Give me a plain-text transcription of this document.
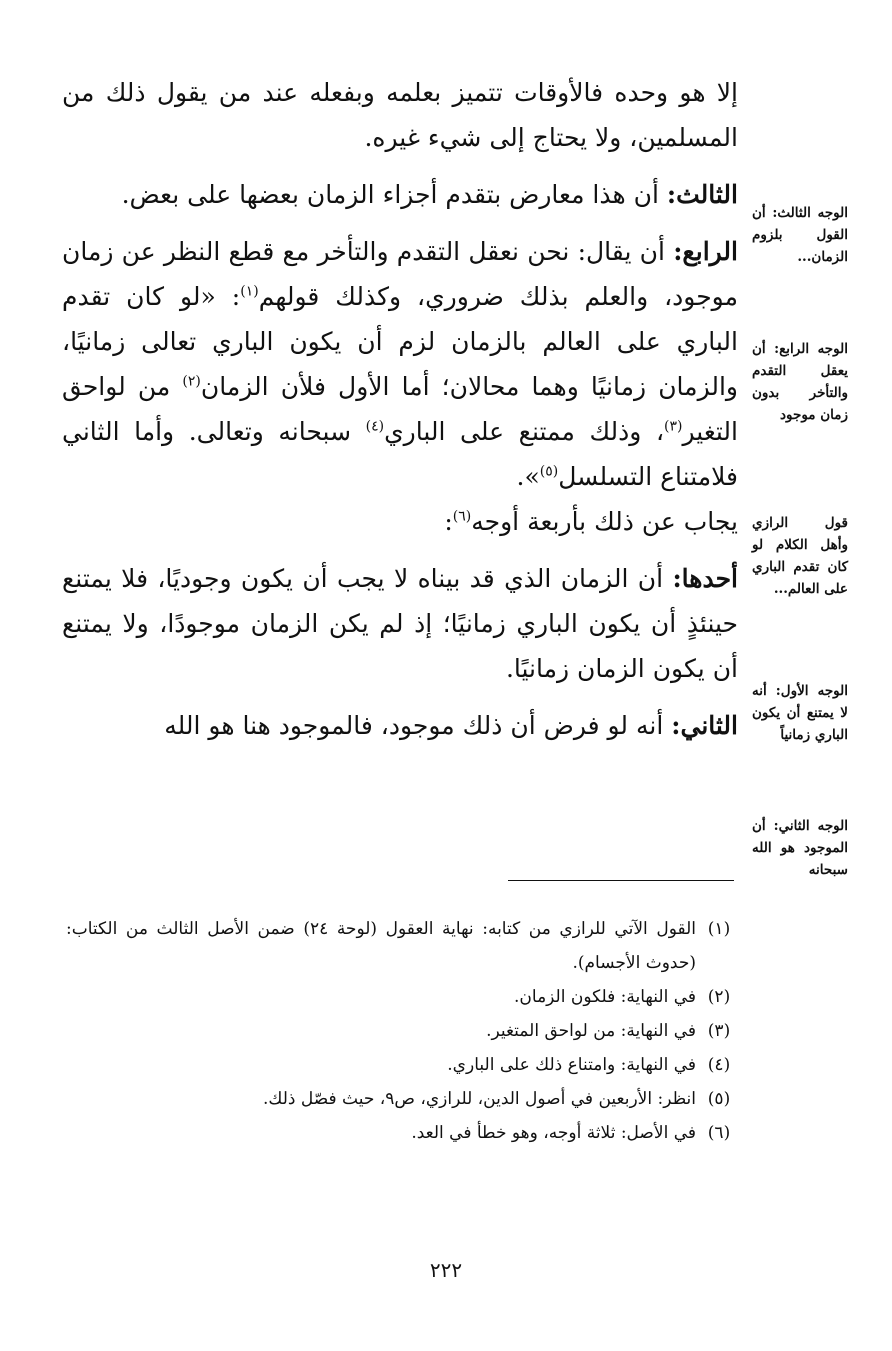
إلا هو وحده فالأوقات تتميز بعلمه وبفعله عند من يقول ذلك من المسلمين، ولا يحتاج إلى شيء غيره.

الثالث: أن هذا معارض بتقدم أجزاء الزمان بعضها على بعض.

الرابع: أن يقال: نحن نعقل التقدم والتأخر مع قطع النظر عن زمان موجود، والعلم بذلك ضروري، وكذلك قولهم$^{(١)}$: «لو كان تقدم الباري على العالم بالزمان لزم أن يكون الباري تعالى زمانيًا، والزمان زمانيًا وهما محالان؛ أما الأول فلأن الزمان$^{(٢)}$ من لواحق التغير$^{(٣)}$، وذلك ممتنع على الباري$^{(٤)}$ سبحانه وتعالى. وأما الثاني فلامتناع التسلسل$^{(٥)}$».

يجاب عن ذلك بأربعة أوجه$^{(٦)}$:

أحدها: أن الزمان الذي قد بيناه لا يجب أن يكون وجوديًا، فلا يمتنع حينئذٍ أن يكون الباري زمانيًا؛ إذ لم يكن الزمان موجودًا، ولا يمتنع أن يكون الزمان زمانيًا.

الثاني: أنه لو فرض أن ذلك موجود، فالموجود هنا هو الله

الوجه الثالث: أن القول بلزوم الزمان...
الوجه الرابع: أن يعقل التقدم والتأخر بدون زمان موجود
قول الرازي وأهل الكلام لو كان تقدم الباري على العالم...
الوجه الأول: أنه لا يمتنع أن يكون الباري زمانياً
الوجه الثاني: أن الموجود هو الله سبحانه
(١)
القول الآتي للرازي من كتابه: نهاية العقول (لوحة ٢٤) ضمن الأصل الثالث من الكتاب: (حدوث الأجسام).
(٢)
في النهاية: فلكون الزمان.
(٣)
في النهاية: من لواحق المتغير.
(٤)
في النهاية: وامتناع ذلك على الباري.
(٥)
انظر: الأربعين في أصول الدين، للرازي، ص٩، حيث فصّل ذلك.
(٦)
في الأصل: ثلاثة أوجه، وهو خطأ في العد.
٢٢٢
